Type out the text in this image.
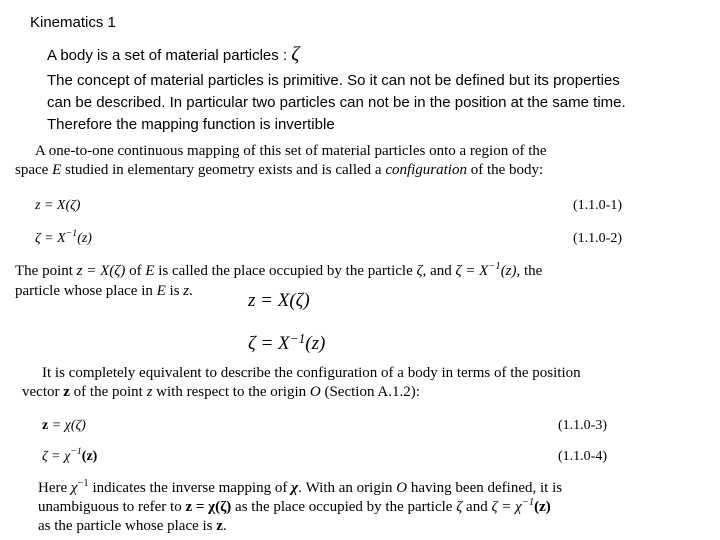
Kinematics 1
A body is a set of material particles : ζ
The concept of material particles is primitive. So it can not be defined but its properties
can be described. In particular two particles can not be in the position at the same time.
Therefore the mapping function is invertible
A one-to-one continuous mapping of this set of material particles onto a region of the
space E studied in elementary geometry exists and is called a configuration of the body:
z = X(ζ)	(1.1.0-1)
$\zeta = X^{-1}(z)$	(1.1.0-2)
The point z = X(ζ) of E is called the place occupied by the particle ζ, and $\zeta = X^{-1}(z)$, the
particle whose place in E is z.	z = X(ζ)
$\zeta = X^{-1}(z)$
It is completely equivalent to describe the configuration of a body in terms of the position
vector z of the point z with respect to the origin O (Section A.1.2):
z = χ(ζ)	(1.1.0-3)
$\zeta = \chi^{-1}(z)$	(1.1.0-4)
Here $\chi^{-1}$ indicates the inverse mapping of χ. With an origin O having been defined, it is
unambiguous to refer to z = χ(ζ) as the place occupied by the particle ζ and $\zeta = \chi^{-1}(z)$
as the particle whose place is z.
